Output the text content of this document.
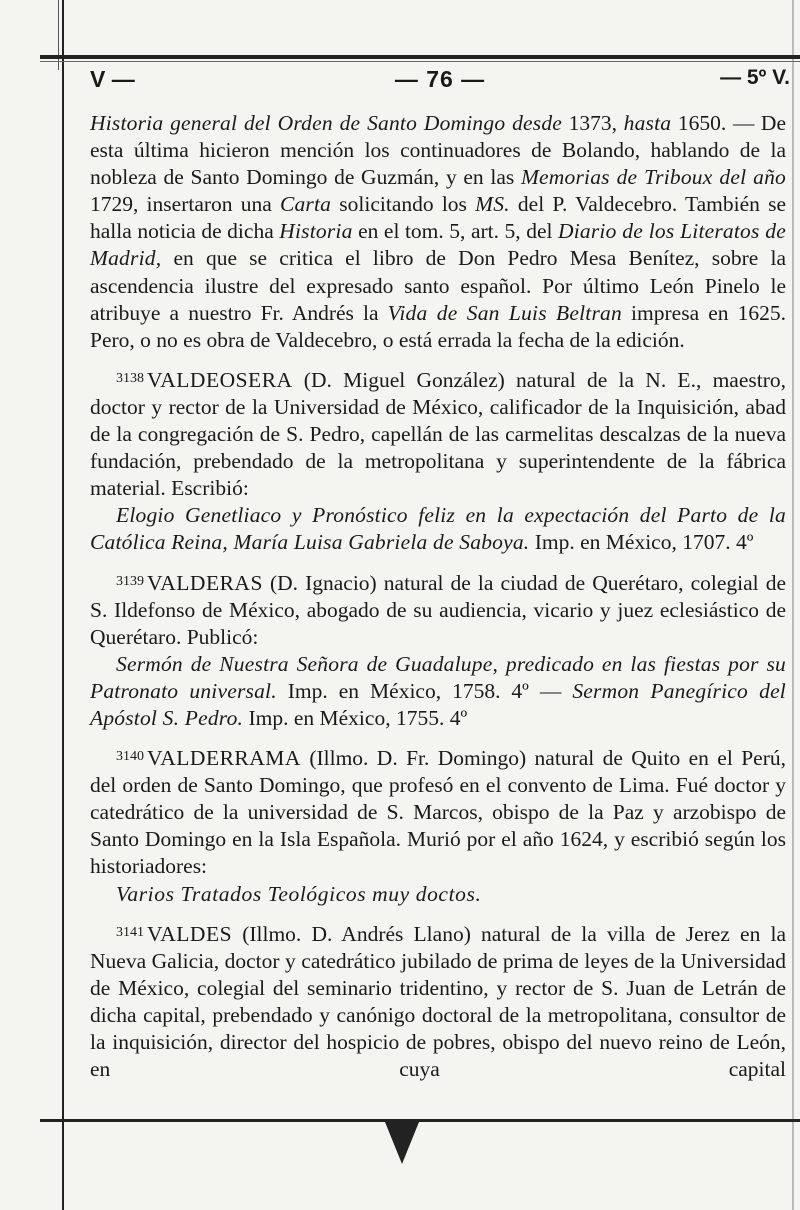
V —	— 76 —	— 5º V.

Historia general del Orden de Santo Domingo desde 1373, hasta 1650. — De esta última hicieron mención los continuadores de Bolando, hablando de la nobleza de Santo Domingo de Guzmán, y en las Memorias de Triboux del año 1729, insertaron una Carta solicitando los MS. del P. Valdecebro. También se halla noticia de dicha Historia en el tom. 5, art. 5, del Diario de los Literatos de Madrid, en que se critica el libro de Don Pedro Mesa Benítez, sobre la ascendencia ilustre del expresado santo español. Por último León Pinelo le atribuye a nuestro Fr. Andrés la Vida de San Luis Beltran impresa en 1625. Pero, o no es obra de Valdecebro, o está errada la fecha de la edición.

$^{3138}$ VALDEOSERA (D. Miguel González) natural de la N. E., maestro, doctor y rector de la Universidad de México, calificador de la Inquisición, abad de la congregación de S. Pedro, capellán de las carmelitas descalzas de la nueva fundación, prebendado de la metropolitana y superintendente de la fábrica material. Escribió:

Elogio Genetliaco y Pronóstico feliz en la expectación del Parto de la Católica Reina, María Luisa Gabriela de Saboya. Imp. en México, 1707. 4º

$^{3139}$ VALDERAS (D. Ignacio) natural de la ciudad de Querétaro, colegial de S. Ildefonso de México, abogado de su audiencia, vicario y juez eclesiástico de Querétaro. Publicó:

Sermón de Nuestra Señora de Guadalupe, predicado en las fiestas por su Patronato universal. Imp. en México, 1758. 4º — Sermon Panegírico del Apóstol S. Pedro. Imp. en México, 1755. 4º

$^{3140}$ VALDERRAMA (Illmo. D. Fr. Domingo) natural de Quito en el Perú, del orden de Santo Domingo, que profesó en el convento de Lima. Fué doctor y catedrático de la universidad de S. Marcos, obispo de la Paz y arzobispo de Santo Domingo en la Isla Española. Murió por el año 1624, y escribió según los historiadores:

Varios Tratados Teológicos muy doctos.

$^{3141}$ VALDES (Illmo. D. Andrés Llano) natural de la villa de Jerez en la Nueva Galicia, doctor y catedrático jubilado de prima de leyes de la Universidad de México, colegial del seminario tridentino, y rector de S. Juan de Letrán de dicha capital, prebendado y canónigo doctoral de la metropolitana, consultor de la inquisición, director del hospicio de pobres, obispo del nuevo reino de León, en cuya capital
